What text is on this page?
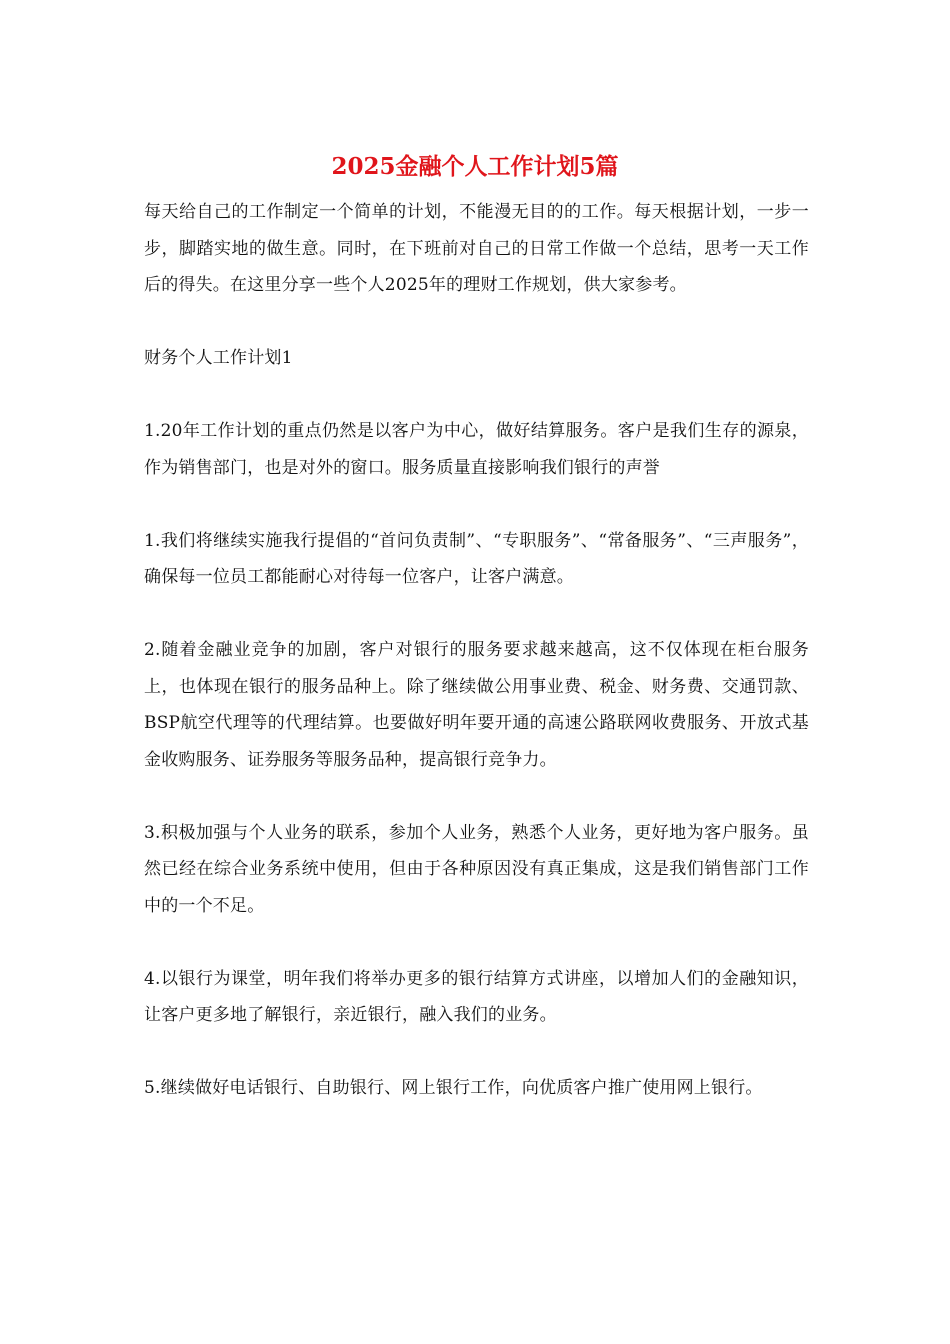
2025金融个人工作计划5篇

每天给自己的工作制定一个简单的计划，不能漫无目的的工作。每天根据计划，一步一步，脚踏实地的做生意。同时，在下班前对自己的日常工作做一个总结，思考一天工作后的得失。在这里分享一些个人2025年的理财工作规划，供大家参考。

财务个人工作计划1

1.20年工作计划的重点仍然是以客户为中心，做好结算服务。客户是我们生存的源泉，作为销售部门，也是对外的窗口。服务质量直接影响我们银行的声誉

1.我们将继续实施我行提倡的“首问负责制”、“专职服务”、“常备服务”、“三声服务”，确保每一位员工都能耐心对待每一位客户，让客户满意。

2.随着金融业竞争的加剧，客户对银行的服务要求越来越高，这不仅体现在柜台服务上，也体现在银行的服务品种上。除了继续做公用事业费、税金、财务费、交通罚款、BSP航空代理等的代理结算。也要做好明年要开通的高速公路联网收费服务、开放式基金收购服务、证券服务等服务品种，提高银行竞争力。

3.积极加强与个人业务的联系，参加个人业务，熟悉个人业务，更好地为客户服务。虽然已经在综合业务系统中使用，但由于各种原因没有真正集成，这是我们销售部门工作中的一个不足。

4.以银行为课堂，明年我们将举办更多的银行结算方式讲座，以增加人们的金融知识，让客户更多地了解银行，亲近银行，融入我们的业务。

5.继续做好电话银行、自助银行、网上银行工作，向优质客户推广使用网上银行。
